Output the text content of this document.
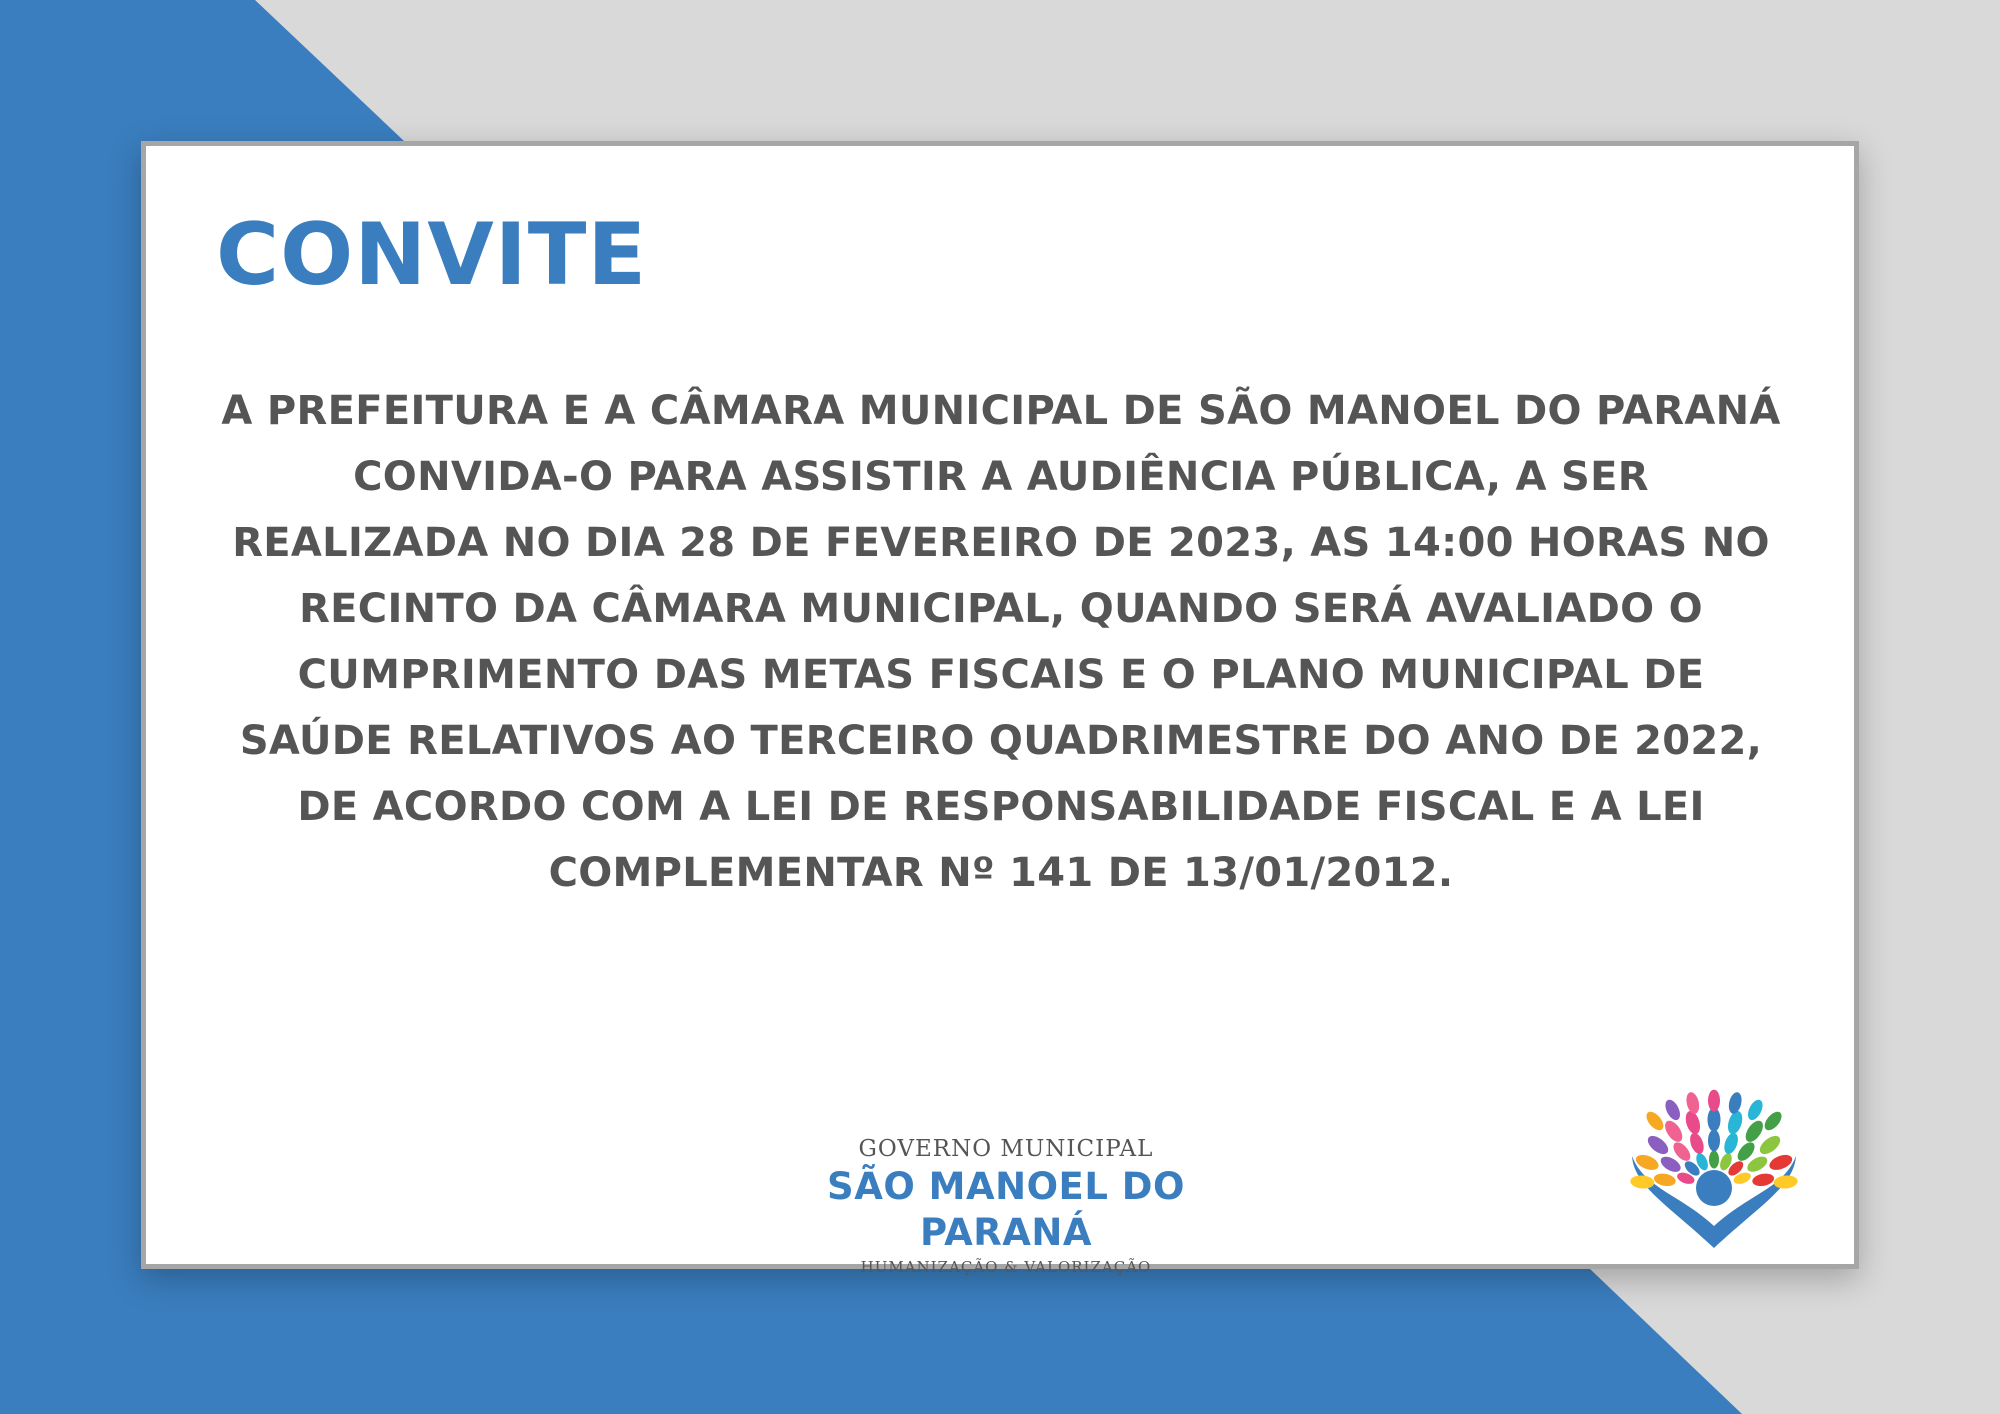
CONVITE

A PREFEITURA E A CÂMARA MUNICIPAL DE SÃO MANOEL DO PARANÁ
CONVIDA-O PARA ASSISTIR A AUDIÊNCIA PÚBLICA, A SER
REALIZADA NO DIA 28 DE FEVEREIRO DE 2023, AS 14:00 HORAS NO
RECINTO DA CÂMARA MUNICIPAL, QUANDO SERÁ AVALIADO O
CUMPRIMENTO DAS METAS FISCAIS E O PLANO MUNICIPAL DE
SAÚDE RELATIVOS AO TERCEIRO QUADRIMESTRE DO ANO DE 2022,
DE ACORDO COM A LEI DE RESPONSABILIDADE FISCAL E A LEI
COMPLEMENTAR Nº 141 DE 13/01/2012.

GOVERNO MUNICIPAL
SÃO MANOEL DO PARANÁ
HUMANIZAÇÃO & VALORIZAÇÃO
